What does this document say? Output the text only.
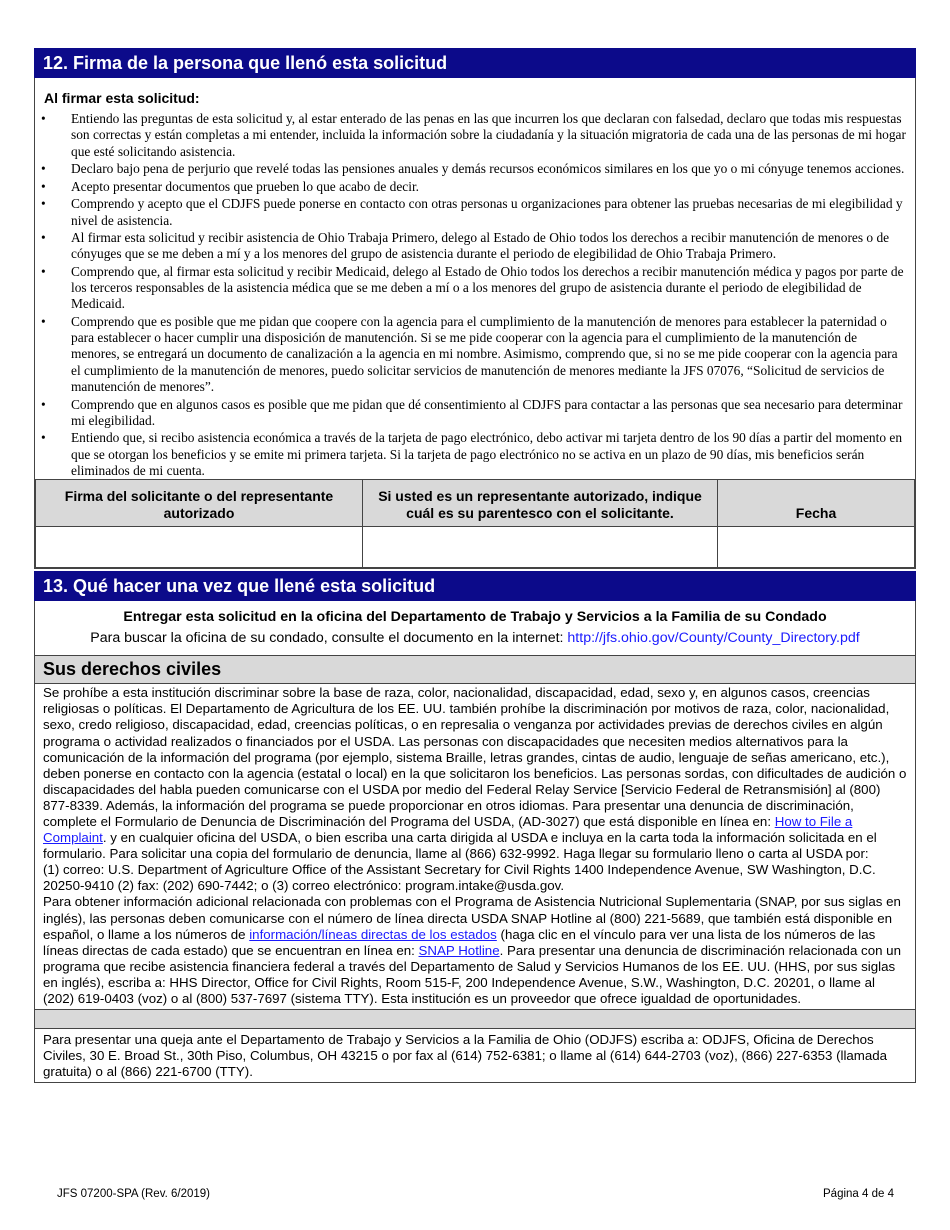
12. Firma de la persona que llenó esta solicitud
Al firmar esta solicitud:
• Entiendo las preguntas de esta solicitud y, al estar enterado de las penas en las que incurren los que declaran con falsedad, declaro que todas mis respuestas son correctas y están completas a mi entender, incluida la información sobre la ciudadanía y la situación migratoria de cada una de las personas de mi hogar que esté solicitando asistencia.
• Declaro bajo pena de perjurio que revelé todas las pensiones anuales y demás recursos económicos similares en los que yo o mi cónyuge tenemos acciones.
• Acepto presentar documentos que prueben lo que acabo de decir.
• Comprendo y acepto que el CDJFS puede ponerse en contacto con otras personas u organizaciones para obtener las pruebas necesarias de mi elegibilidad y nivel de asistencia.
• Al firmar esta solicitud y recibir asistencia de Ohio Trabaja Primero, delego al Estado de Ohio todos los derechos a recibir manutención de menores o de cónyuges que se me deben a mí y a los menores del grupo de asistencia durante el periodo de elegibilidad de Ohio Trabaja Primero.
• Comprendo que, al firmar esta solicitud y recibir Medicaid, delego al Estado de Ohio todos los derechos a recibir manutención médica y pagos por parte de los terceros responsables de la asistencia médica que se me deben a mí o a los menores del grupo de asistencia durante el periodo de elegibilidad de Medicaid.
• Comprendo que es posible que me pidan que coopere con la agencia para el cumplimiento de la manutención de menores para establecer la paternidad o para establecer o hacer cumplir una disposición de manutención. Si se me pide cooperar con la agencia para el cumplimiento de la manutención de menores, se entregará un documento de canalización a la agencia en mi nombre. Asimismo, comprendo que, si no se me pide cooperar con la agencia para el cumplimiento de la manutención de menores, puedo solicitar servicios de manutención de menores mediante la JFS 07076, “Solicitud de servicios de manutención de menores”.
• Comprendo que en algunos casos es posible que me pidan que dé consentimiento al CDJFS para contactar a las personas que sea necesario para determinar mi elegibilidad.
• Entiendo que, si recibo asistencia económica a través de la tarjeta de pago electrónico, debo activar mi tarjeta dentro de los 90 días a partir del momento en que se otorgan los beneficios y se emite mi primera tarjeta. Si la tarjeta de pago electrónico no se activa en un plazo de 90 días, mis beneficios serán eliminados de mi cuenta.
Firma del solicitante o del representante autorizado	Si usted es un representante autorizado, indique cuál es su parentesco con el solicitante.	Fecha

13. Qué hacer una vez que llené esta solicitud
Entregar esta solicitud en la oficina del Departamento de Trabajo y Servicios a la Familia de su Condado
Para buscar la oficina de su condado, consulte el documento en la internet: http://jfs.ohio.gov/County/County_Directory.pdf
Sus derechos civiles
Se prohíbe a esta institución discriminar sobre la base de raza, color, nacionalidad, discapacidad, edad, sexo y, en algunos casos, creencias religiosas o políticas. El Departamento de Agricultura de los EE. UU. también prohíbe la discriminación por motivos de raza, color, nacionalidad, sexo, credo religioso, discapacidad, edad, creencias políticas, o en represalia o venganza por actividades previas de derechos civiles en algún programa o actividad realizados o financiados por el USDA. Las personas con discapacidades que necesiten medios alternativos para la comunicación de la información del programa (por ejemplo, sistema Braille, letras grandes, cintas de audio, lenguaje de señas americano, etc.), deben ponerse en contacto con la agencia (estatal o local) en la que solicitaron los beneficios. Las personas sordas, con dificultades de audición o discapacidades del habla pueden comunicarse con el USDA por medio del Federal Relay Service [Servicio Federal de Retransmisión] al (800) 877-8339. Además, la información del programa se puede proporcionar en otros idiomas. Para presentar una denuncia de discriminación, complete el Formulario de Denuncia de Discriminación del Programa del USDA, (AD-3027) que está disponible en línea en: How to File a Complaint. y en cualquier oficina del USDA, o bien escriba una carta dirigida al USDA e incluya en la carta toda la información solicitada en el formulario. Para solicitar una copia del formulario de denuncia, llame al (866) 632-9992. Haga llegar su formulario lleno o carta al USDA por:
(1) correo: U.S. Department of Agriculture Office of the Assistant Secretary for Civil Rights 1400 Independence Avenue, SW Washington, D.C. 20250-9410 (2) fax: (202) 690-7442; o (3) correo electrónico: program.intake@usda.gov.
Para obtener información adicional relacionada con problemas con el Programa de Asistencia Nutricional Suplementaria (SNAP, por sus siglas en inglés), las personas deben comunicarse con el número de línea directa USDA SNAP Hotline al (800) 221-5689, que también está disponible en español, o llame a los números de información/líneas directas de los estados (haga clic en el vínculo para ver una lista de los números de las líneas directas de cada estado) que se encuentran en línea en: SNAP Hotline. Para presentar una denuncia de discriminación relacionada con un programa que recibe asistencia financiera federal a través del Departamento de Salud y Servicios Humanos de los EE. UU. (HHS, por sus siglas en inglés), escriba a: HHS Director, Office for Civil Rights, Room 515-F, 200 Independence Avenue, S.W., Washington, D.C. 20201, o llame al (202) 619-0403 (voz) o al (800) 537-7697 (sistema TTY). Esta institución es un proveedor que ofrece igualdad de oportunidades.
Para presentar una queja ante el Departamento de Trabajo y Servicios a la Familia de Ohio (ODJFS) escriba a: ODJFS, Oficina de Derechos Civiles, 30 E. Broad St., 30th Piso, Columbus, OH 43215 o por fax al (614) 752-6381; o llame al (614) 644-2703 (voz), (866) 227-6353 (llamada gratuita) o al (866) 221-6700 (TTY).
JFS 07200-SPA (Rev. 6/2019)	Página 4 de 4
